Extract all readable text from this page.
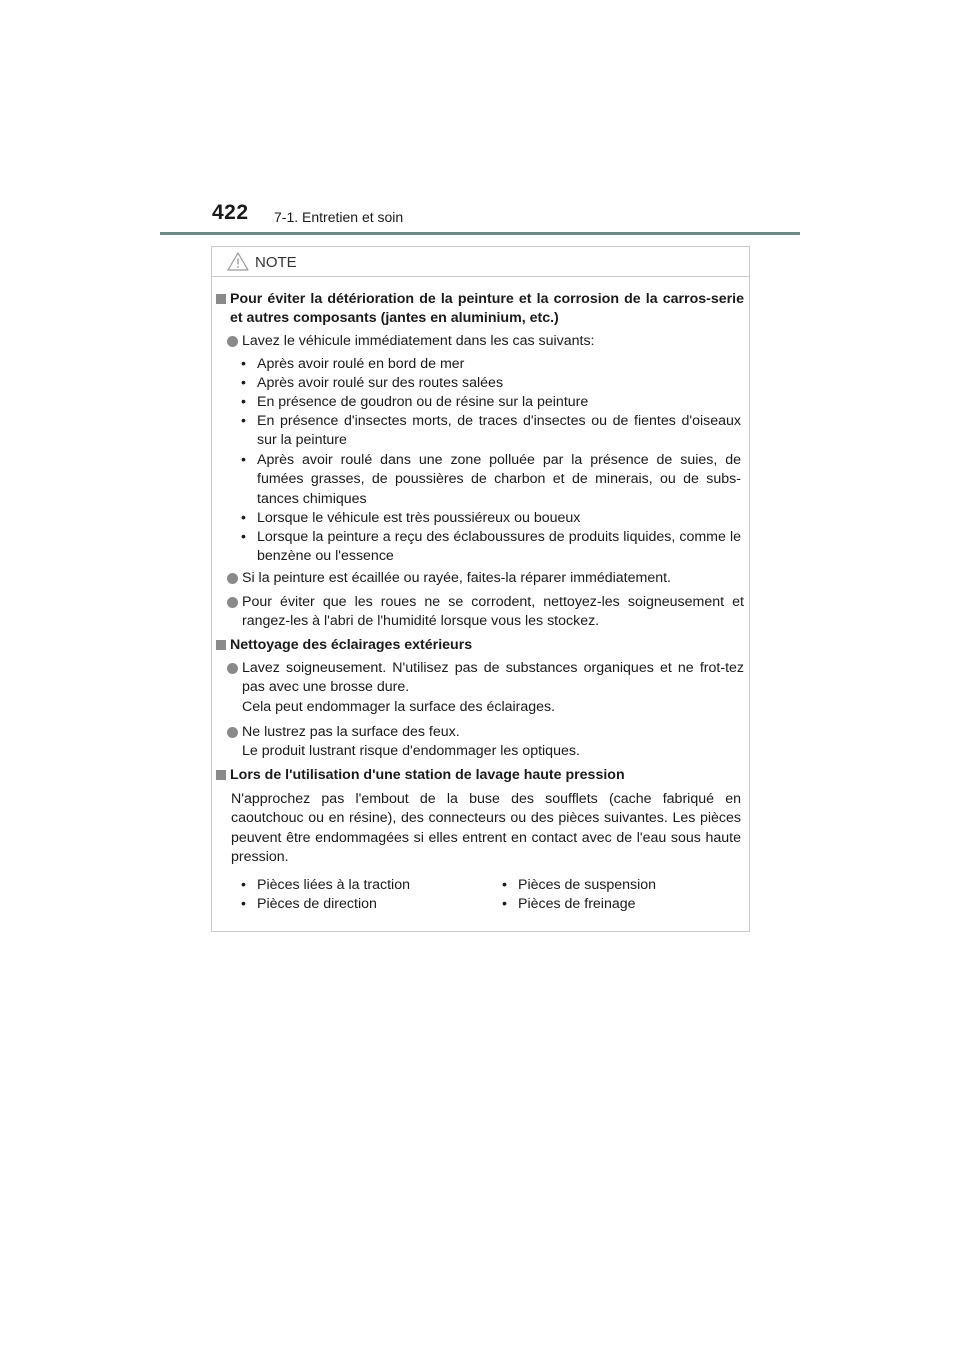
422 7-1. Entretien et soin
NOTE
Pour éviter la détérioration de la peinture et la corrosion de la carros-serie et autres composants (jantes en aluminium, etc.)
Lavez le véhicule immédiatement dans les cas suivants:
• Après avoir roulé en bord de mer
• Après avoir roulé sur des routes salées
• En présence de goudron ou de résine sur la peinture
• En présence d'insectes morts, de traces d'insectes ou de fientes d'oiseaux sur la peinture
• Après avoir roulé dans une zone polluée par la présence de suies, de fumées grasses, de poussières de charbon et de minerais, ou de subs-tances chimiques
• Lorsque le véhicule est très poussiéreux ou boueux
• Lorsque la peinture a reçu des éclaboussures de produits liquides, comme le benzène ou l'essence
Si la peinture est écaillée ou rayée, faites-la réparer immédiatement.
Pour éviter que les roues ne se corrodent, nettoyez-les soigneusement et rangez-les à l'abri de l'humidité lorsque vous les stockez.
Nettoyage des éclairages extérieurs
Lavez soigneusement. N'utilisez pas de substances organiques et ne frot-tez pas avec une brosse dure.
Cela peut endommager la surface des éclairages.
Ne lustrez pas la surface des feux.
Le produit lustrant risque d'endommager les optiques.
Lors de l'utilisation d'une station de lavage haute pression
N'approchez pas l'embout de la buse des soufflets (cache fabriqué en caoutchouc ou en résine), des connecteurs ou des pièces suivantes. Les pièces peuvent être endommagées si elles entrent en contact avec de l'eau sous haute pression.
• Pièces liées à la traction
• Pièces de direction
• Pièces de suspension
• Pièces de freinage
